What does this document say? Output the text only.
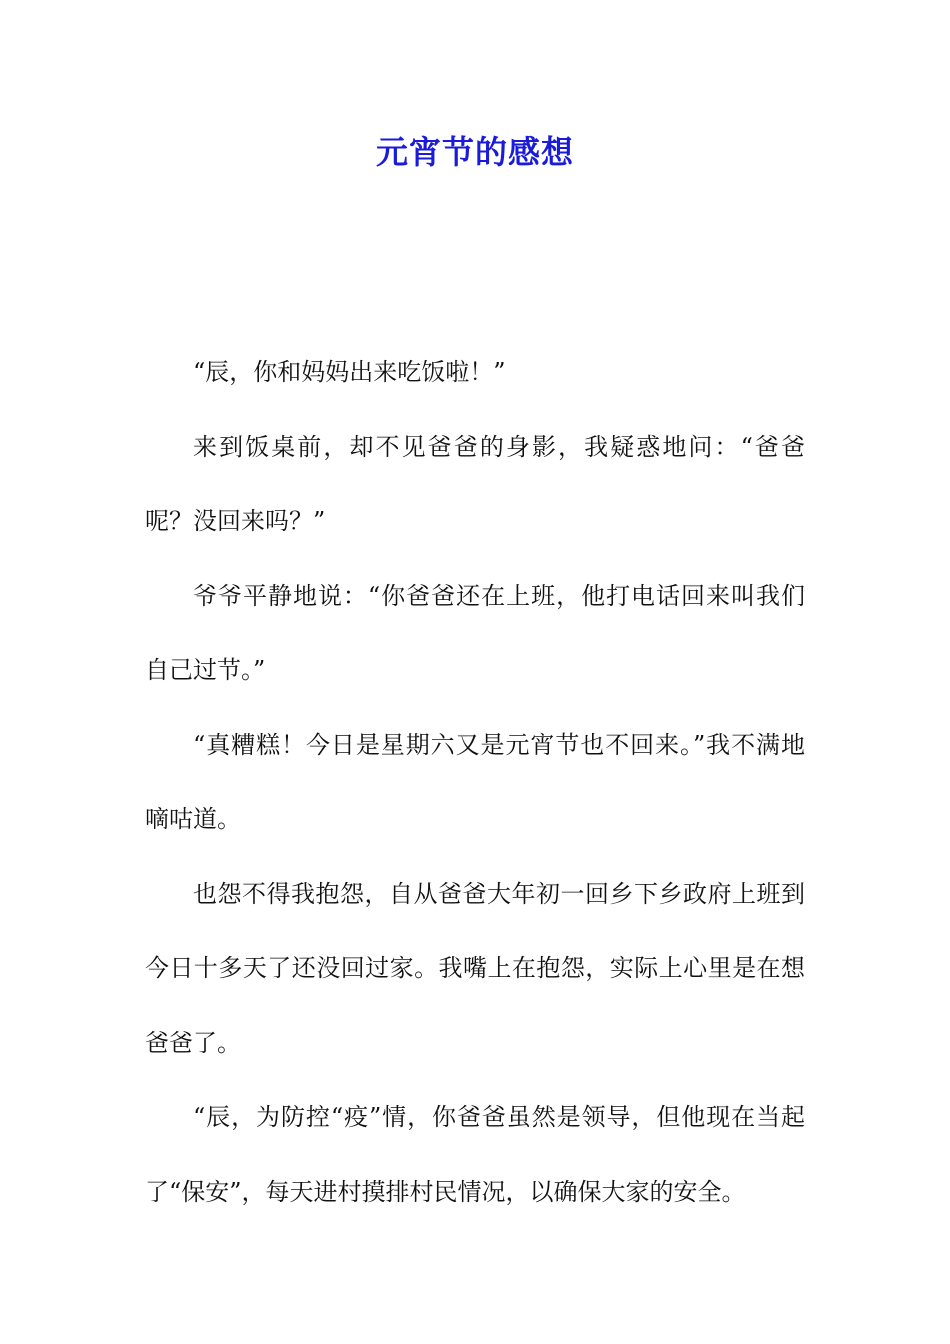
元宵节的感想

“辰，你和妈妈出来吃饭啦！”

来到饭桌前，却不见爸爸的身影，我疑惑地问：“爸爸呢？没回来吗？”

爷爷平静地说：“你爸爸还在上班，他打电话回来叫我们自己过节。”

“真糟糕！今日是星期六又是元宵节也不回来。”我不满地嘀咕道。

也怨不得我抱怨，自从爸爸大年初一回乡下乡政府上班到今日十多天了还没回过家。我嘴上在抱怨，实际上心里是在想爸爸了。

“辰，为防控“疫”情，你爸爸虽然是领导，但他现在当起了“保安”，每天进村摸排村民情况，以确保大家的安全。
